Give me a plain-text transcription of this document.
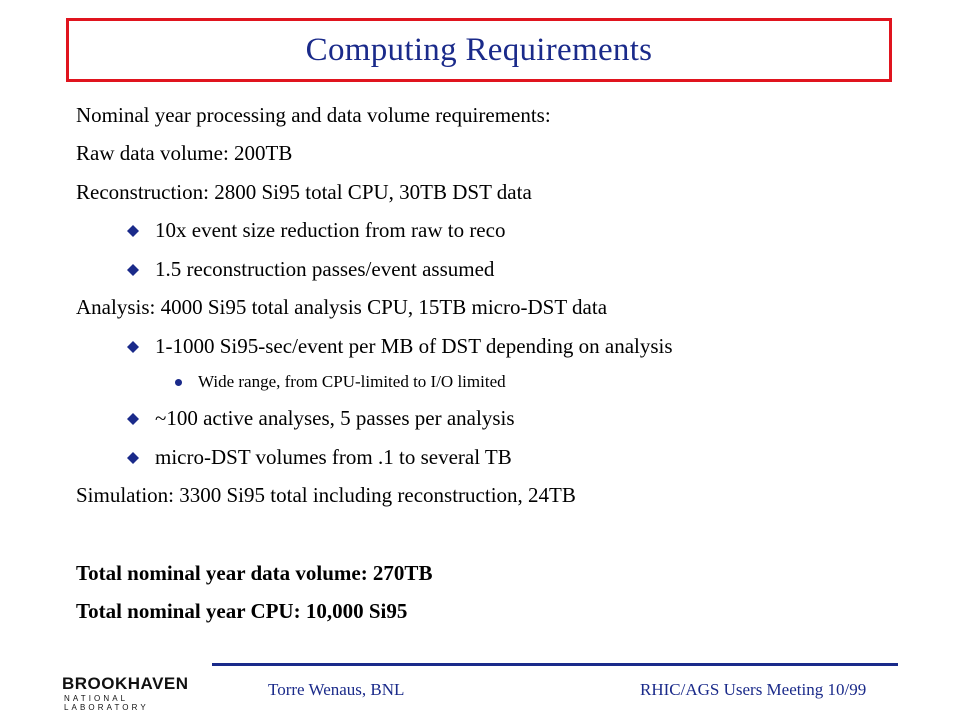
Computing Requirements
Nominal year processing and data volume requirements:
Raw data volume: 200TB
Reconstruction: 2800 Si95 total CPU, 30TB DST data
10x event size reduction from raw to reco
1.5 reconstruction passes/event assumed
Analysis: 4000 Si95 total analysis CPU, 15TB micro-DST data
1-1000 Si95-sec/event per MB of DST depending on analysis
Wide range, from CPU-limited to I/O limited
~100 active analyses, 5 passes per analysis
micro-DST volumes from .1 to several TB
Simulation: 3300 Si95 total including reconstruction, 24TB
Total nominal year data volume: 270TB
Total nominal year CPU: 10,000 Si95
BROOKHAVEN
NATIONAL LABORATORY
Torre Wenaus, BNL	RHIC/AGS Users Meeting 10/99
